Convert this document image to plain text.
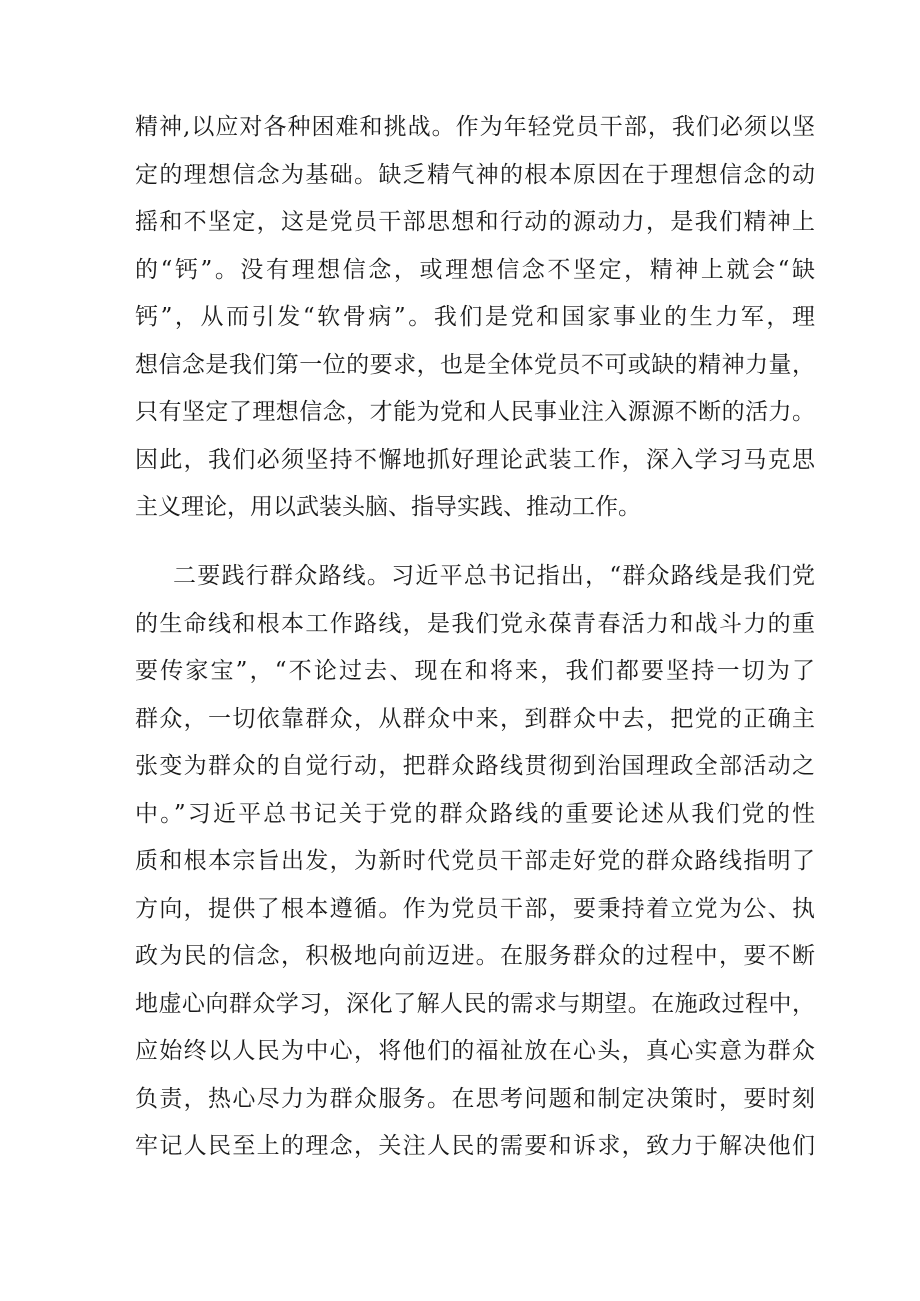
精神,以应对各种困难和挑战。作为年轻党员干部，我们必须以坚
定的理想信念为基础。缺乏精气神的根本原因在于理想信念的动
摇和不坚定，这是党员干部思想和行动的源动力，是我们精神上
的“钙”。没有理想信念，或理想信念不坚定，精神上就会“缺
钙”，从而引发“软骨病”。我们是党和国家事业的生力军，理
想信念是我们第一位的要求，也是全体党员不可或缺的精神力量，
只有坚定了理想信念，才能为党和人民事业注入源源不断的活力。
因此，我们必须坚持不懈地抓好理论武装工作，深入学习马克思
主义理论，用以武装头脑、指导实践、推动工作。
二要践行群众路线。习近平总书记指出，“群众路线是我们党
的生命线和根本工作路线，是我们党永葆青春活力和战斗力的重
要传家宝”，“不论过去、现在和将来，我们都要坚持一切为了
群众，一切依靠群众，从群众中来，到群众中去，把党的正确主
张变为群众的自觉行动，把群众路线贯彻到治国理政全部活动之
中。”习近平总书记关于党的群众路线的重要论述从我们党的性
质和根本宗旨出发，为新时代党员干部走好党的群众路线指明了
方向，提供了根本遵循。作为党员干部，要秉持着立党为公、执
政为民的信念，积极地向前迈进。在服务群众的过程中，要不断
地虚心向群众学习，深化了解人民的需求与期望。在施政过程中，
应始终以人民为中心，将他们的福祉放在心头，真心实意为群众
负责，热心尽力为群众服务。在思考问题和制定决策时，要时刻
牢记人民至上的理念，关注人民的需要和诉求，致力于解决他们
